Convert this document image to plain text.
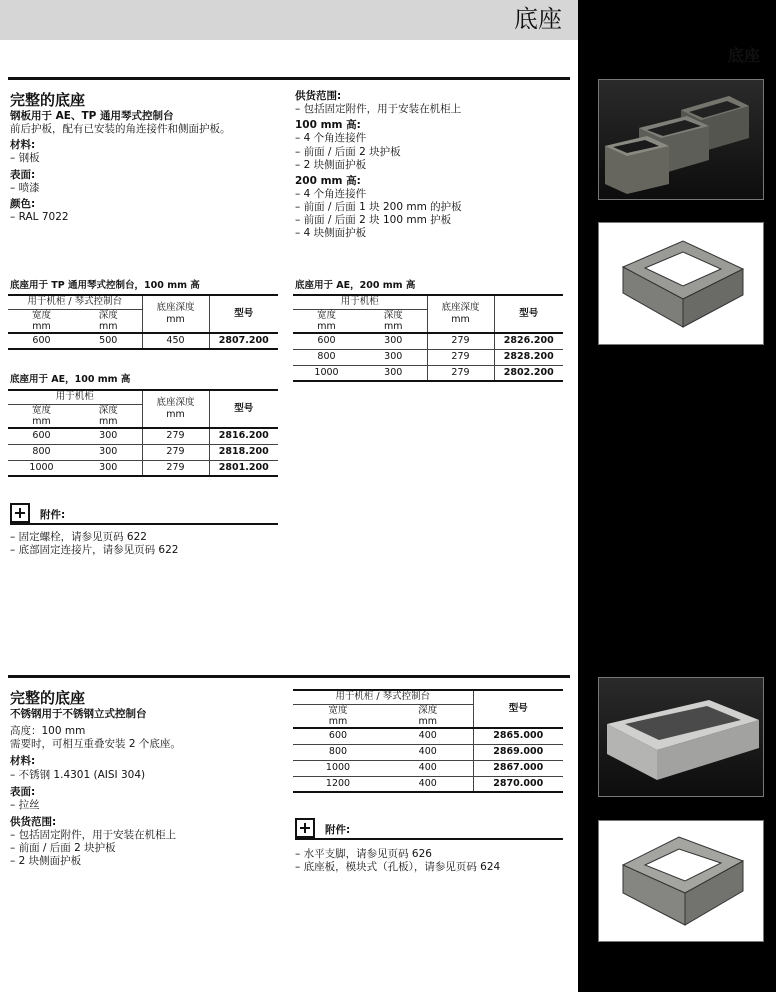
底座
底座
完整的底座
钢板用于 AE、TP 通用琴式控制台
前后护板，配有已安装的角连接件和侧面护板。
材料:
– 钢板
表面:
– 喷漆
颜色:
– RAL 7022
供货范围:
– 包括固定附件，用于安装在机柜上
100 mm 高:
– 4 个角连接件
– 前面 / 后面 2 块护板
– 2 块侧面护板
200 mm 高:
– 4 个角连接件
– 前面 / 后面 1 块 200 mm 的护板
– 前面 / 后面 2 块 100 mm 护板
– 4 块侧面护板
底座用于 TP 通用琴式控制台，100 mm 高
用于机柜 / 琴式控制台		底座深度
mm	型号
宽度
mm	深度
mm		
600	500	450	2807.200
底座用于 AE，100 mm 高
用于机柜		底座深度
mm	型号
宽度
mm	深度
mm		
600	300	279	2816.200
800	300	279	2818.200
1000	300	279	2801.200
底座用于 AE，200 mm 高
用于机柜		底座深度
mm	型号
宽度
mm	深度
mm		
600	300	279	2826.200
800	300	279	2828.200
1000	300	279	2802.200
附件:
– 固定螺栓，请参见页码 622
– 底部固定连接片，请参见页码 622
完整的底座
不锈钢用于不锈钢立式控制台
高度：100 mm
需要时，可相互重叠安装 2 个底座。
材料:
– 不锈钢 1.4301 (AISI 304)
表面:
– 拉丝
供货范围:
– 包括固定附件，用于安装在机柜上
– 前面 / 后面 2 块护板
– 2 块侧面护板
用于机柜 / 琴式控制台		型号
宽度
mm	深度
mm	
600	400	2865.000
800	400	2869.000
1000	400	2867.000
1200	400	2870.000
附件:
– 水平支脚，请参见页码 626
– 底座板，模块式（孔板），请参见页码 624
